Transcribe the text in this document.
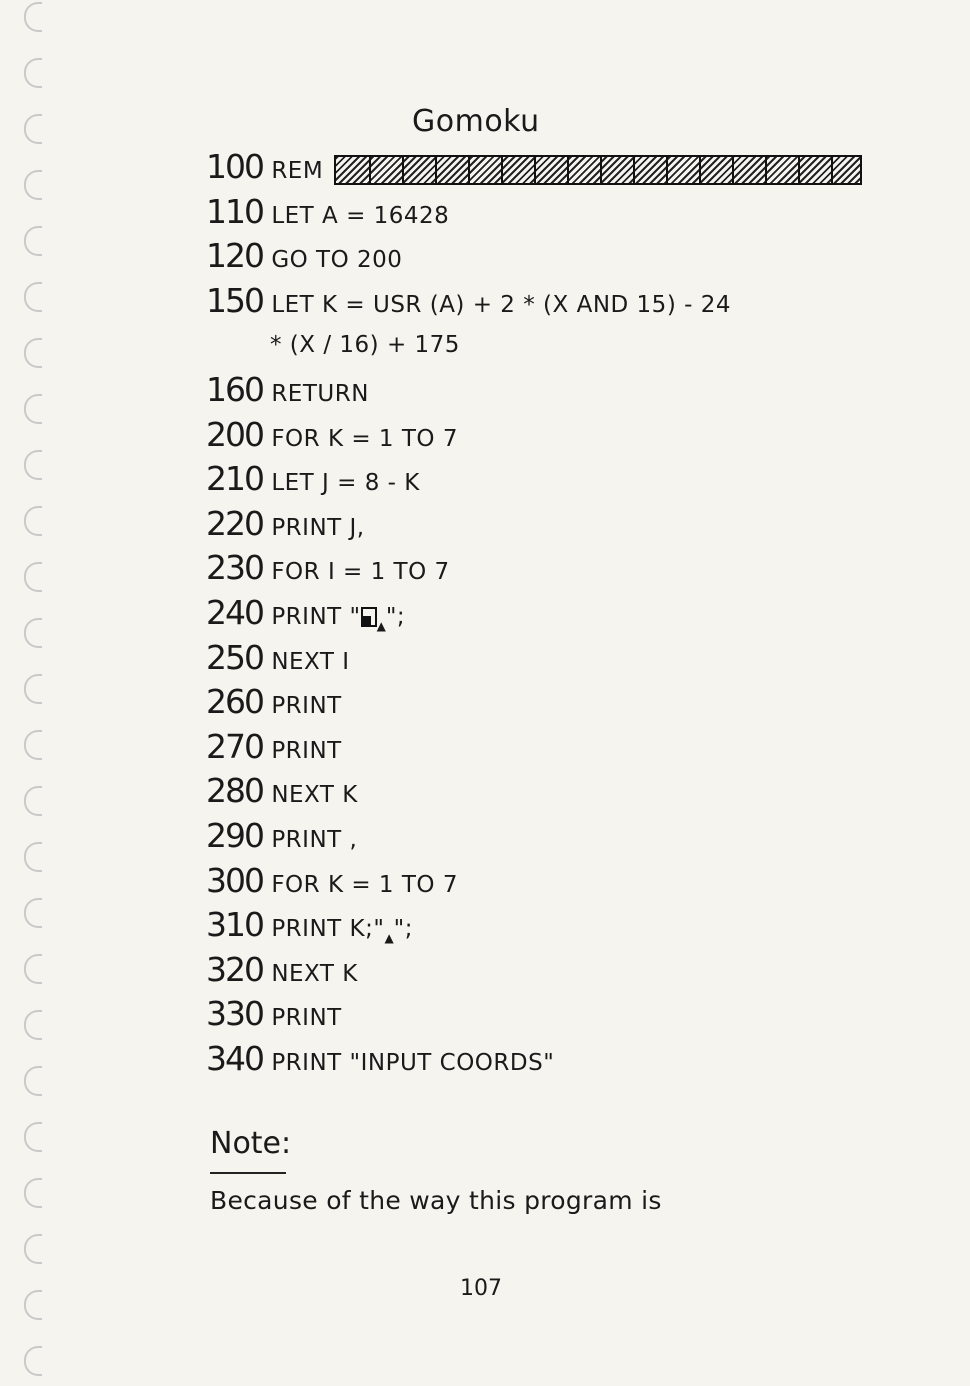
Gomoku
100 REM
110 LET A = 16428
120 GO TO 200
150 LET K = USR (A) + 2 * (X AND 15) - 24
* (X / 16) + 175
160 RETURN
200 FOR K = 1 TO 7
210 LET J = 8 - K
220 PRINT J,
230 FOR I = 1 TO 7
240 PRINT " $_▲$";
250 NEXT I
260 PRINT
270 PRINT
280 NEXT K
290 PRINT ,
300 FOR K = 1 TO 7
310 PRINT $K;"_▲$";
320 NEXT K
330 PRINT
340 PRINT "INPUT COORDS"
Note:
Because of the way this program is
107
